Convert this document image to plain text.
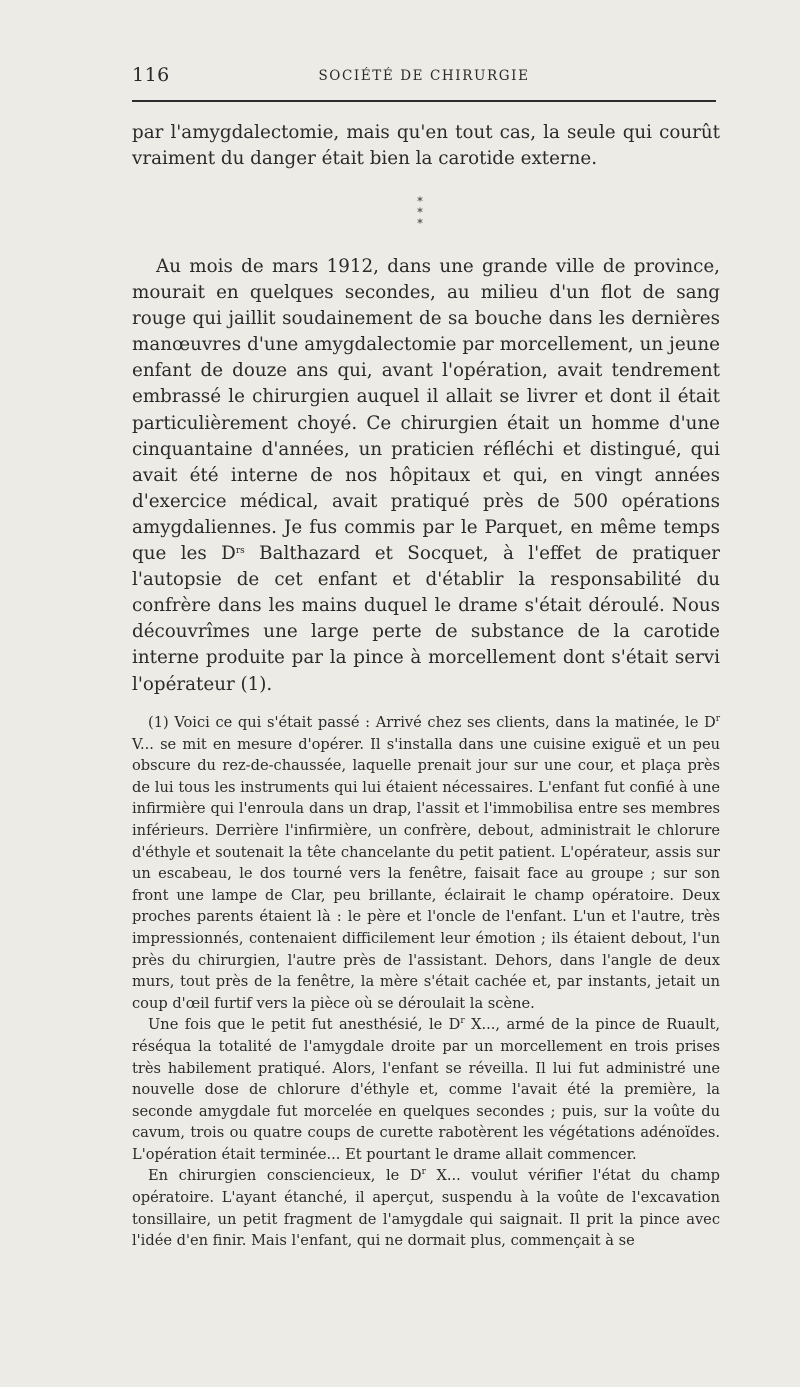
116	SOCIÉTÉ DE CHIRURGIE

par l'amygdalectomie, mais qu'en tout cas, la seule qui courût vraiment du danger était bien la carotide externe.

*
* *

Au mois de mars 1912, dans une grande ville de province, mourait en quelques secondes, au milieu d'un flot de sang rouge qui jaillit soudainement de sa bouche dans les dernières manœuvres d'une amygdalectomie par morcellement, un jeune enfant de douze ans qui, avant l'opération, avait tendrement embrassé le chirurgien auquel il allait se livrer et dont il était particulièrement choyé. Ce chirurgien était un homme d'une cinquantaine d'années, un praticien réfléchi et distingué, qui avait été interne de nos hôpitaux et qui, en vingt années d'exercice médical, avait pratiqué près de 500 opérations amygdaliennes. Je fus commis par le Parquet, en même temps que les $D^{rs}$ Balthazard et Socquet, à l'effet de pratiquer l'autopsie de cet enfant et d'établir la responsabilité du confrère dans les mains duquel le drame s'était déroulé. Nous découvrîmes une large perte de substance de la carotide interne produite par la pince à morcellement dont s'était servi l'opérateur (1).

(1) Voici ce qui s'était passé : Arrivé chez ses clients, dans la matinée, le $D^r$ V... se mit en mesure d'opérer. Il s'installa dans une cuisine exiguë et un peu obscure du rez-de-chaussée, laquelle prenait jour sur une cour, et plaça près de lui tous les instruments qui lui étaient nécessaires. L'enfant fut confié à une infirmière qui l'enroula dans un drap, l'assit et l'immobilisa entre ses membres inférieurs. Derrière l'infirmière, un confrère, debout, administrait le chlorure d'éthyle et soutenait la tête chancelante du petit patient. L'opérateur, assis sur un escabeau, le dos tourné vers la fenêtre, faisait face au groupe ; sur son front une lampe de Clar, peu brillante, éclairait le champ opératoire. Deux proches parents étaient là : le père et l'oncle de l'enfant. L'un et l'autre, très impressionnés, contenaient difficilement leur émotion ; ils étaient debout, l'un près du chirurgien, l'autre près de l'assistant. Dehors, dans l'angle de deux murs, tout près de la fenêtre, la mère s'était cachée et, par instants, jetait un coup d'œil furtif vers la pièce où se déroulait la scène.

Une fois que le petit fut anesthésié, le $D^r$ X..., armé de la pince de Ruault, réséqua la totalité de l'amygdale droite par un morcellement en trois prises très habilement pratiqué. Alors, l'enfant se réveilla. Il lui fut administré une nouvelle dose de chlorure d'éthyle et, comme l'avait été la première, la seconde amygdale fut morcelée en quelques secondes ; puis, sur la voûte du cavum, trois ou quatre coups de curette rabotèrent les végétations adénoïdes. L'opération était terminée... Et pourtant le drame allait commencer.

En chirurgien consciencieux, le $D^r$ X... voulut vérifier l'état du champ opératoire. L'ayant étanché, il aperçut, suspendu à la voûte de l'excavation tonsillaire, un petit fragment de l'amygdale qui saignait. Il prit la pince avec l'idée d'en finir. Mais l'enfant, qui ne dormait plus, commençait à se
